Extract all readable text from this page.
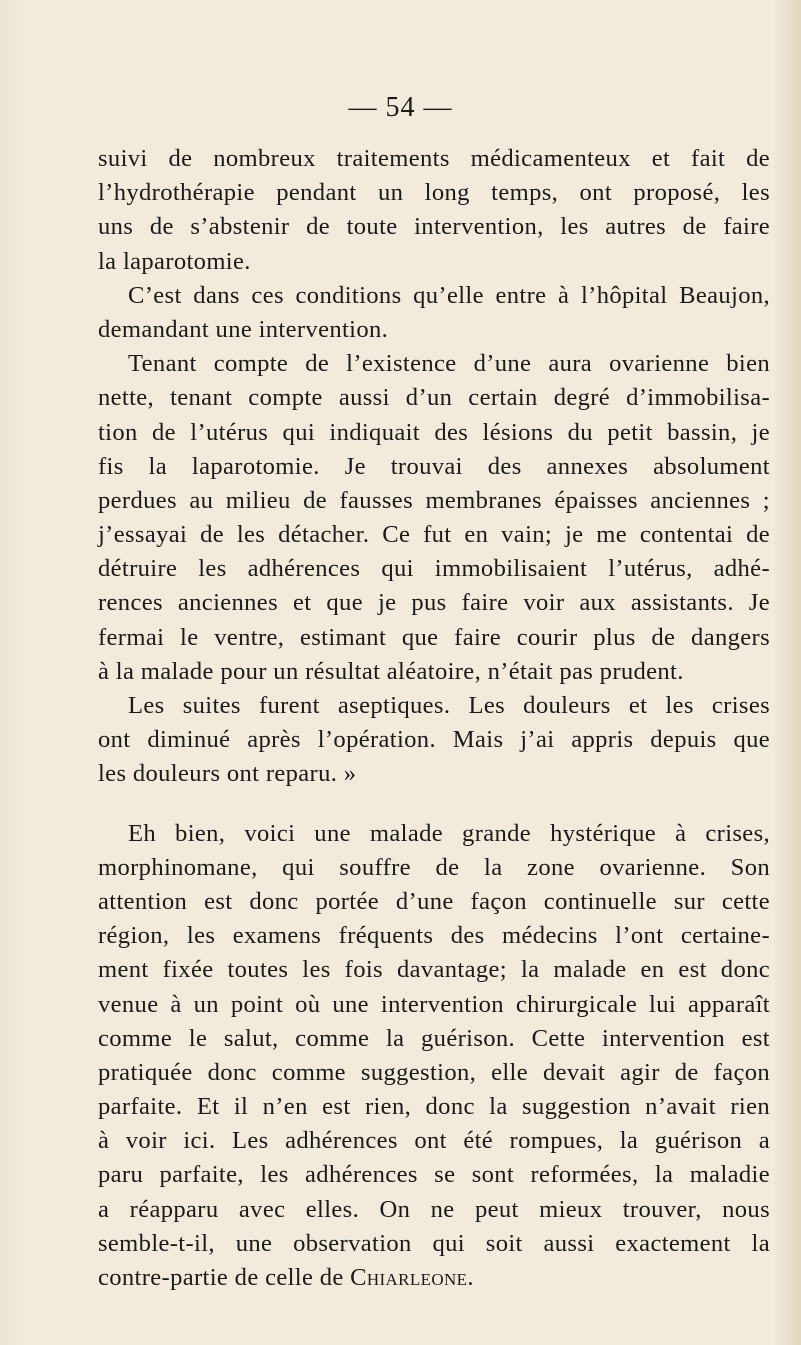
— 54 —
suivi de nombreux traitements médicamenteux et fait de
l’hydrothérapie pendant un long temps, ont proposé, les
uns de s’abstenir de toute intervention, les autres de faire
la laparotomie.
C’est dans ces conditions qu’elle entre à l’hôpital Beaujon,
demandant une intervention.
Tenant compte de l’existence d’une aura ovarienne bien
nette, tenant compte aussi d’un certain degré d’immobilisa-
tion de l’utérus qui indiquait des lésions du petit bassin, je
fis la laparotomie. Je trouvai des annexes absolument
perdues au milieu de fausses membranes épaisses anciennes ;
j’essayai de les détacher. Ce fut en vain; je me contentai de
détruire les adhérences qui immobilisaient l’utérus, adhé-
rences anciennes et que je pus faire voir aux assistants. Je
fermai le ventre, estimant que faire courir plus de dangers
à la malade pour un résultat aléatoire, n’était pas prudent.
Les suites furent aseptiques. Les douleurs et les crises
ont diminué après l’opération. Mais j’ai appris depuis que
les douleurs ont reparu. »
Eh bien, voici une malade grande hystérique à crises,
morphinomane, qui souffre de la zone ovarienne. Son
attention est donc portée d’une façon continuelle sur cette
région, les examens fréquents des médecins l’ont certaine-
ment fixée toutes les fois davantage; la malade en est donc
venue à un point où une intervention chirurgicale lui apparaît
comme le salut, comme la guérison. Cette intervention est
pratiquée donc comme suggestion, elle devait agir de façon
parfaite. Et il n’en est rien, donc la suggestion n’avait rien
à voir ici. Les adhérences ont été rompues, la guérison a
paru parfaite, les adhérences se sont reformées, la maladie
a réapparu avec elles. On ne peut mieux trouver, nous
semble-t-il, une observation qui soit aussi exactement la
contre-partie de celle de Chiarleone.
